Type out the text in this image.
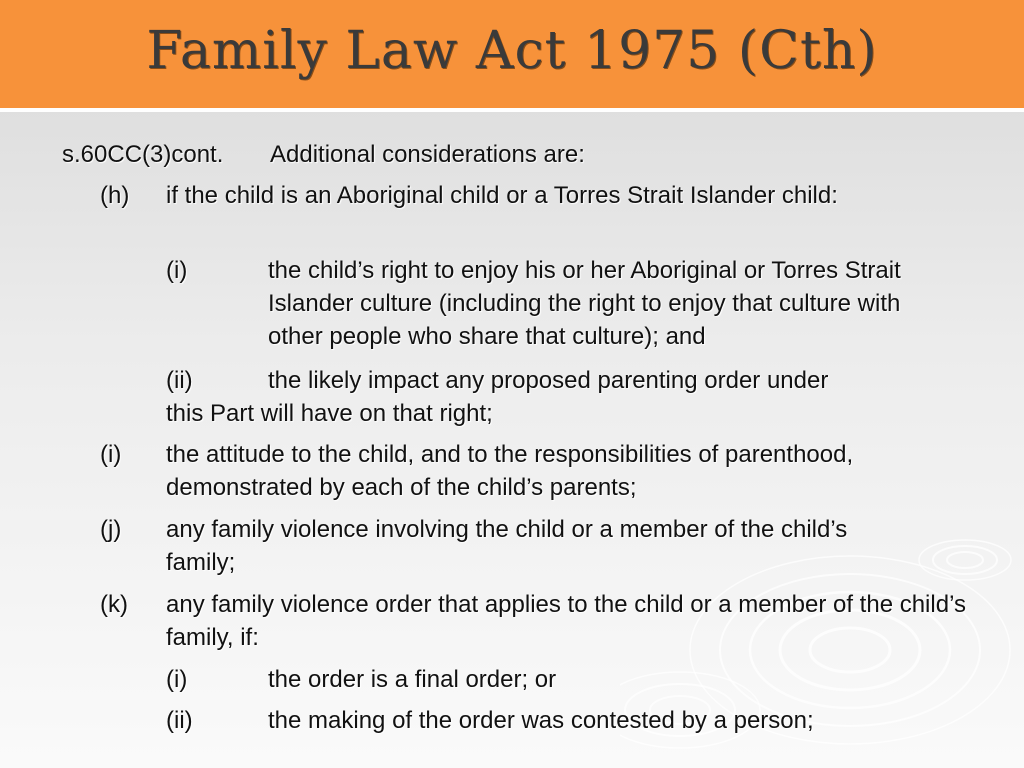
Family Law Act 1975 (Cth)
s.60CC(3)cont. Additional considerations are:
(h) if the child is an Aboriginal child or a Torres Strait Islander child:
(i)	the child’s right to enjoy his or her Aboriginal or Torres Strait Islander culture (including the right to enjoy that culture with other people who share that culture); and
(ii)	the likely impact any proposed parenting order under
this Part will have on that right;
(i) the attitude to the child, and to the responsibilities of parenthood, demonstrated by each of the child’s parents;
(j) any family violence involving the child or a member of the child’s family;
(k) any family violence order that applies to the child or a member of the child’s family, if:
(i)	the order is a final order; or
(ii)	the making of the order was contested by a person;
